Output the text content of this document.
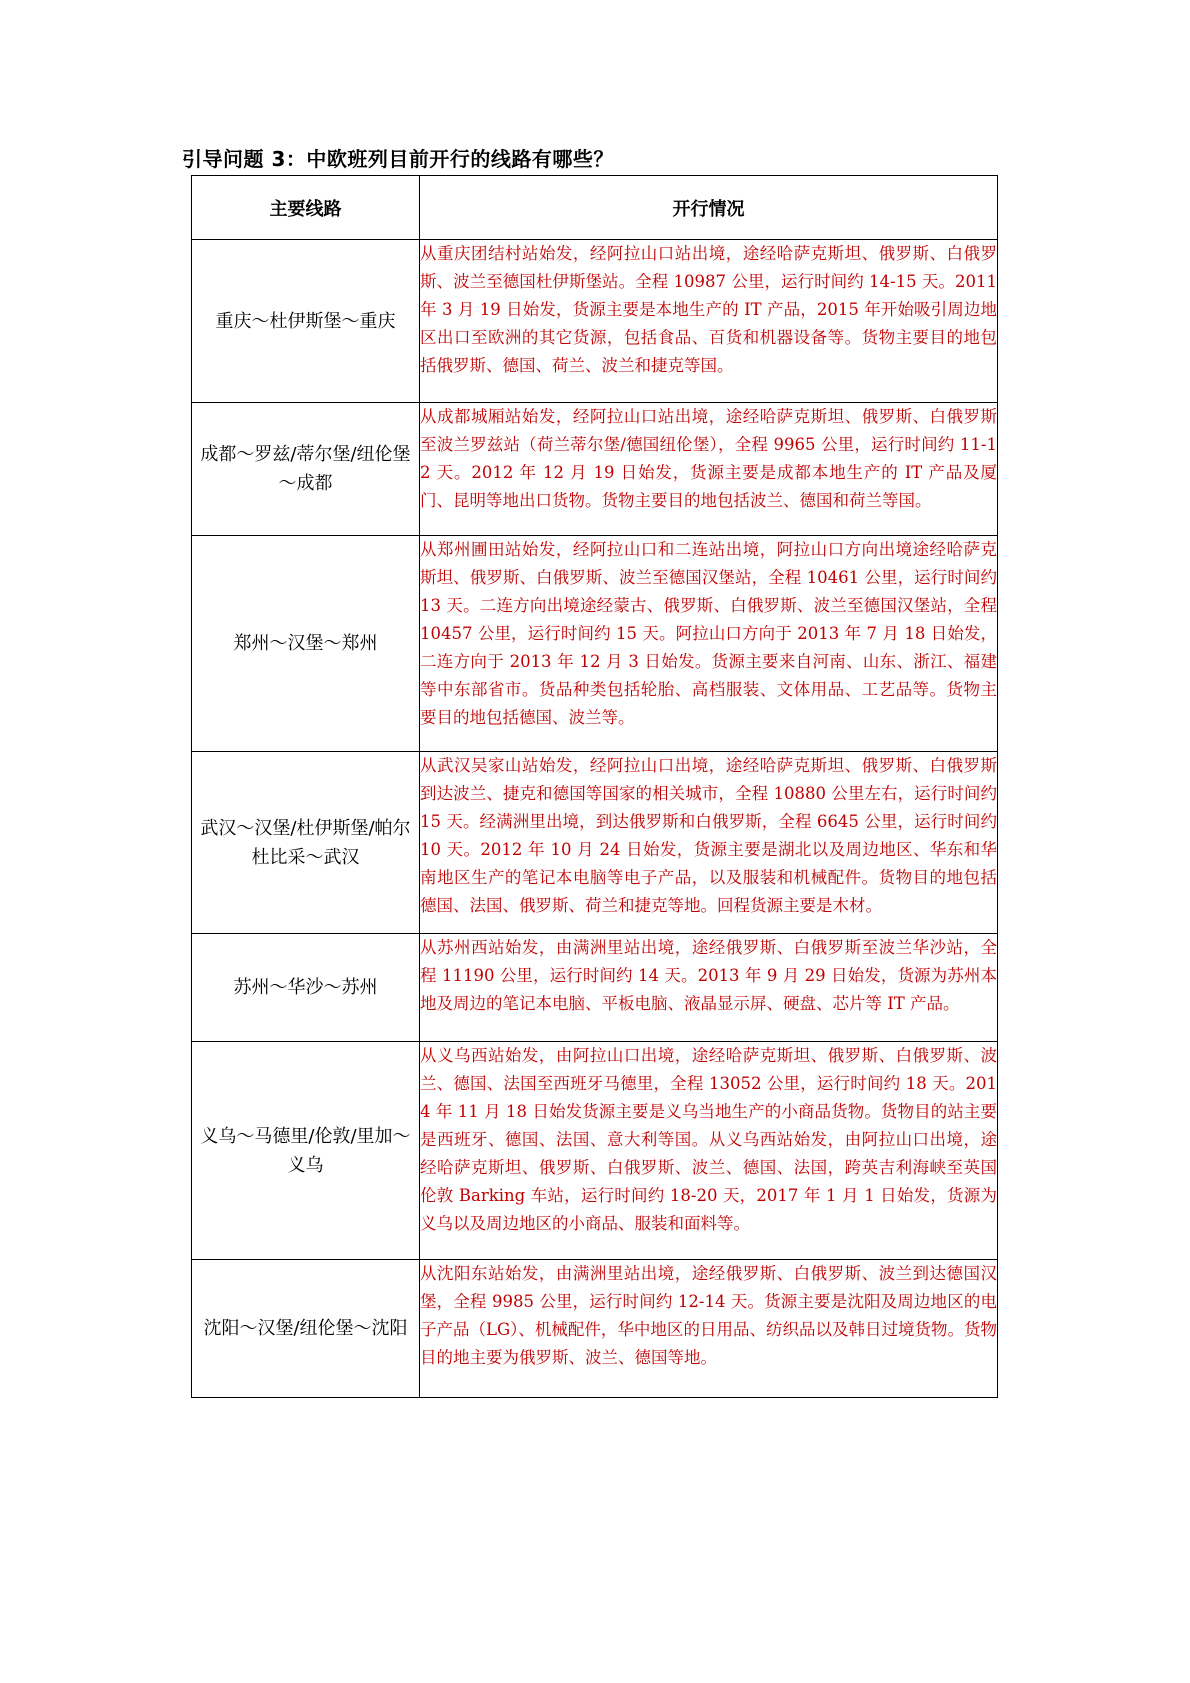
引导问题 3：中欧班列目前开行的线路有哪些？
主要线路	开行情况
重庆～杜伊斯堡～重庆	从重庆团结村站始发，经阿拉山口站出境，途经哈萨克斯坦、俄罗斯、白俄罗斯、波兰至德国杜伊斯堡站。全程 10987 公里，运行时间约 14-15 天。2011 年 3 月 19 日始发，货源主要是本地生产的 IT 产品，2015 年开始吸引周边地区出口至欧洲的其它货源，包括食品、百货和机器设备等。货物主要目的地包括俄罗斯、德国、荷兰、波兰和捷克等国。
成都～罗兹/蒂尔堡/纽伦堡～成都	从成都城厢站始发，经阿拉山口站出境，途经哈萨克斯坦、俄罗斯、白俄罗斯至波兰罗兹站（荷兰蒂尔堡/德国纽伦堡），全程 9965 公里，运行时间约 11-12 天。2012 年 12 月 19 日始发，货源主要是成都本地生产的 IT 产品及厦门、昆明等地出口货物。货物主要目的地包括波兰、德国和荷兰等国。
郑州～汉堡～郑州	从郑州圃田站始发，经阿拉山口和二连站出境，阿拉山口方向出境途经哈萨克斯坦、俄罗斯、白俄罗斯、波兰至德国汉堡站，全程 10461 公里，运行时间约 13 天。二连方向出境途经蒙古、俄罗斯、白俄罗斯、波兰至德国汉堡站，全程 10457 公里，运行时间约 15 天。阿拉山口方向于 2013 年 7 月 18 日始发，二连方向于 2013 年 12 月 3 日始发。货源主要来自河南、山东、浙江、福建等中东部省市。货品种类包括轮胎、高档服装、文体用品、工艺品等。货物主要目的地包括德国、波兰等。
武汉～汉堡/杜伊斯堡/帕尔杜比采～武汉	从武汉吴家山站始发，经阿拉山口出境，途经哈萨克斯坦、俄罗斯、白俄罗斯到达波兰、捷克和德国等国家的相关城市，全程 10880 公里左右，运行时间约 15 天。经满洲里出境，到达俄罗斯和白俄罗斯，全程 6645 公里，运行时间约 10 天。2012 年 10 月 24 日始发，货源主要是湖北以及周边地区、华东和华南地区生产的笔记本电脑等电子产品，以及服装和机械配件。货物目的地包括德国、法国、俄罗斯、荷兰和捷克等地。回程货源主要是木材。
苏州～华沙～苏州	从苏州西站始发，由满洲里站出境，途经俄罗斯、白俄罗斯至波兰华沙站，全程 11190 公里，运行时间约 14 天。2013 年 9 月 29 日始发，货源为苏州本地及周边的笔记本电脑、平板电脑、液晶显示屏、硬盘、芯片等 IT 产品。
义乌～马德里/伦敦/里加～义乌	从义乌西站始发，由阿拉山口出境，途经哈萨克斯坦、俄罗斯、白俄罗斯、波兰、德国、法国至西班牙马德里，全程 13052 公里，运行时间约 18 天。2014 年 11 月 18 日始发货源主要是义乌当地生产的小商品货物。货物目的站主要是西班牙、德国、法国、意大利等国。从义乌西站始发，由阿拉山口出境，途经哈萨克斯坦、俄罗斯、白俄罗斯、波兰、德国、法国，跨英吉利海峡至英国伦敦 Barking 车站，运行时间约 18-20 天，2017 年 1 月 1 日始发，货源为义乌以及周边地区的小商品、服装和面料等。
沈阳～汉堡/纽伦堡～沈阳	从沈阳东站始发，由满洲里站出境，途经俄罗斯、白俄罗斯、波兰到达德国汉堡，全程 9985 公里，运行时间约 12-14 天。货源主要是沈阳及周边地区的电子产品（LG）、机械配件，华中地区的日用品、纺织品以及韩日过境货物。货物目的地主要为俄罗斯、波兰、德国等地。
